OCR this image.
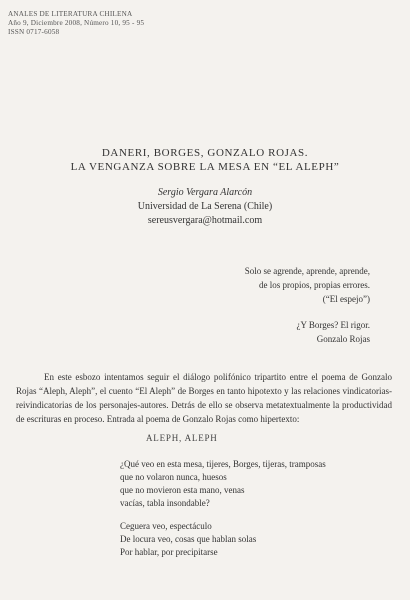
ANALES DE LITERATURA CHILENA
Año 9, Diciembre 2008, Número 10, 95 - 95
ISSN 0717-6058
DANERI, BORGES, GONZALO ROJAS.
LA VENGANZA SOBRE LA MESA EN “EL ALEPH”
Sergio Vergara Alarcón
Universidad de La Serena (Chile)
sereusvergara@hotmail.com
Solo se agrende, aprende, aprende,
de los propios, propias errores.
(“El espejo”)
¿Y Borges? El rigor.
Gonzalo Rojas

En este esbozo intentamos seguir el diálogo polifónico tripartito entre el poema de Gonzalo Rojas “Aleph, Aleph”, el cuento “El Aleph” de Borges en tanto hipotexto y las relaciones vindicatorias-reivindicatorias de los personajes-autores. Detrás de ello se observa metatextualmente la productividad de escrituras en proceso. Entrada al poema de Gonzalo Rojas como hipertexto:

ALEPH, ALEPH
¿Qué veo en esta mesa, tijeres, Borges, tijeras, tramposas
que no volaron nunca, huesos
que no movieron esta mano, venas
vacías, tabla insondable?
Ceguera veo, espectáculo
De locura veo, cosas que hablan solas
Por hablar, por precipitarse
